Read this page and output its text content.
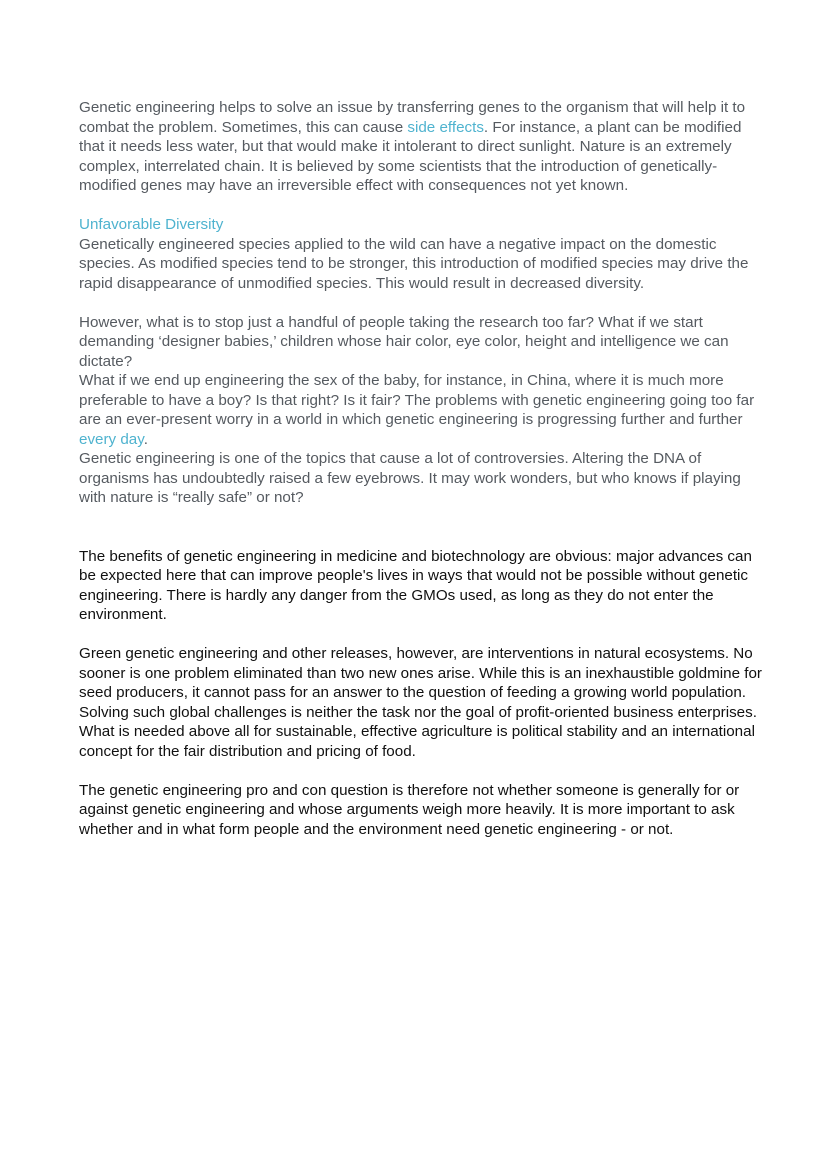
Genetic engineering helps to solve an issue by transferring genes to the organism that will help it to combat the problem. Sometimes, this can cause side effects. For instance, a plant can be modified that it needs less water, but that would make it intolerant to direct sunlight. Nature is an extremely complex, interrelated chain. It is believed by some scientists that the introduction of genetically-modified genes may have an irreversible effect with consequences not yet known.

Unfavorable Diversity

Genetically engineered species applied to the wild can have a negative impact on the domestic species. As modified species tend to be stronger, this introduction of modified species may drive the rapid disappearance of unmodified species. This would result in decreased diversity.

However, what is to stop just a handful of people taking the research too far? What if we start demanding ‘designer babies,’ children whose hair color, eye color, height and intelligence we can dictate?

What if we end up engineering the sex of the baby, for instance, in China, where it is much more preferable to have a boy? Is that right? Is it fair? The problems with genetic engineering going too far are an ever-present worry in a world in which genetic engineering is progressing further and further every day.

Genetic engineering is one of the topics that cause a lot of controversies. Altering the DNA of organisms has undoubtedly raised a few eyebrows. It may work wonders, but who knows if playing with nature is “really safe” or not?

The benefits of genetic engineering in medicine and biotechnology are obvious: major advances can be expected here that can improve people's lives in ways that would not be possible without genetic engineering. There is hardly any danger from the GMOs used, as long as they do not enter the environment.

Green genetic engineering and other releases, however, are interventions in natural ecosystems. No sooner is one problem eliminated than two new ones arise. While this is an inexhaustible goldmine for seed producers, it cannot pass for an answer to the question of feeding a growing world population. Solving such global challenges is neither the task nor the goal of profit-oriented business enterprises. What is needed above all for sustainable, effective agriculture is political stability and an international concept for the fair distribution and pricing of food.

The genetic engineering pro and con question is therefore not whether someone is generally for or against genetic engineering and whose arguments weigh more heavily. It is more important to ask whether and in what form people and the environment need genetic engineering - or not.
